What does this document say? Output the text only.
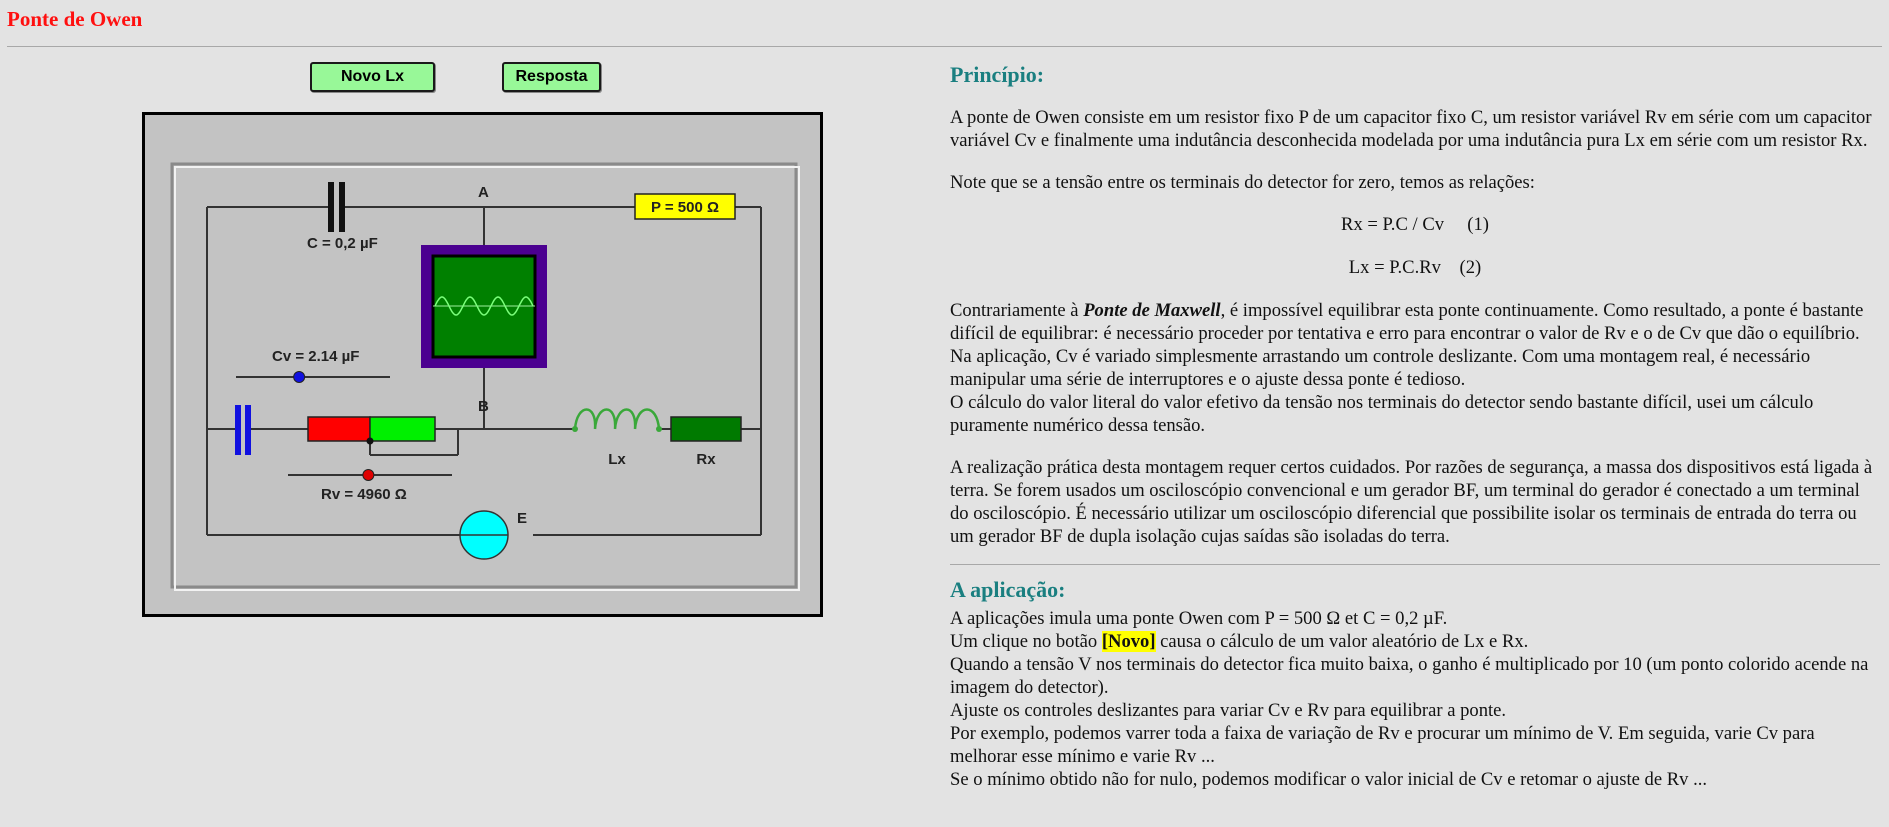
Ponte de Owen
Novo Lx	Resposta
C = 0,2 µF
A
P = 500 Ω
B
Cv = 2.14 µF
Rv = 4960 Ω
Lx	Rx
E
Princípio:

A ponte de Owen consiste em um resistor fixo P de um capacitor fixo C, um resistor variável Rv em série com um capacitor variável Cv e finalmente uma indutância desconhecida modelada por uma indutância pura Lx em série com um resistor Rx.

Note que se a tensão entre os terminais do detector for zero, temos as relações:

Rx = P.C / Cv     (1)

Lx = P.C.Rv    (2)

Contrariamente à Ponte de Maxwell, é impossível equilibrar esta ponte continuamente. Como resultado, a ponte é bastante difícil de equilibrar: é necessário proceder por tentativa e erro para encontrar o valor de Rv e o de Cv que dão o equilíbrio.

Na aplicação, Cv é variado simplesmente arrastando um controle deslizante. Com uma montagem real, é necessário manipular uma série de interruptores e o ajuste dessa ponte é tedioso.

O cálculo do valor literal do valor efetivo da tensão nos terminais do detector sendo bastante difícil, usei um cálculo puramente numérico dessa tensão.

A realização prática desta montagem requer certos cuidados. Por razões de segurança, a massa dos dispositivos está ligada à terra. Se forem usados um osciloscópio convencional e um gerador BF, um terminal do gerador é conectado a um terminal do osciloscópio. É necessário utilizar um osciloscópio diferencial que possibilite isolar os terminais de entrada do terra ou um gerador BF de dupla isolação cujas saídas são isoladas do terra.

A aplicação:

A aplicações imula uma ponte Owen com P = 500 Ω et C = 0,2 µF.

Um clique no botão [Novo] causa o cálculo de um valor aleatório de Lx e Rx.

Quando a tensão V nos terminais do detector fica muito baixa, o ganho é multiplicado por 10 (um ponto colorido acende na imagem do detector).

Ajuste os controles deslizantes para variar Cv e Rv para equilibrar a ponte.

Por exemplo, podemos varrer toda a faixa de variação de Rv e procurar um mínimo de V. Em seguida, varie Cv para melhorar esse mínimo e varie Rv ...

Se o mínimo obtido não for nulo, podemos modificar o valor inicial de Cv e retomar o ajuste de Rv ...
